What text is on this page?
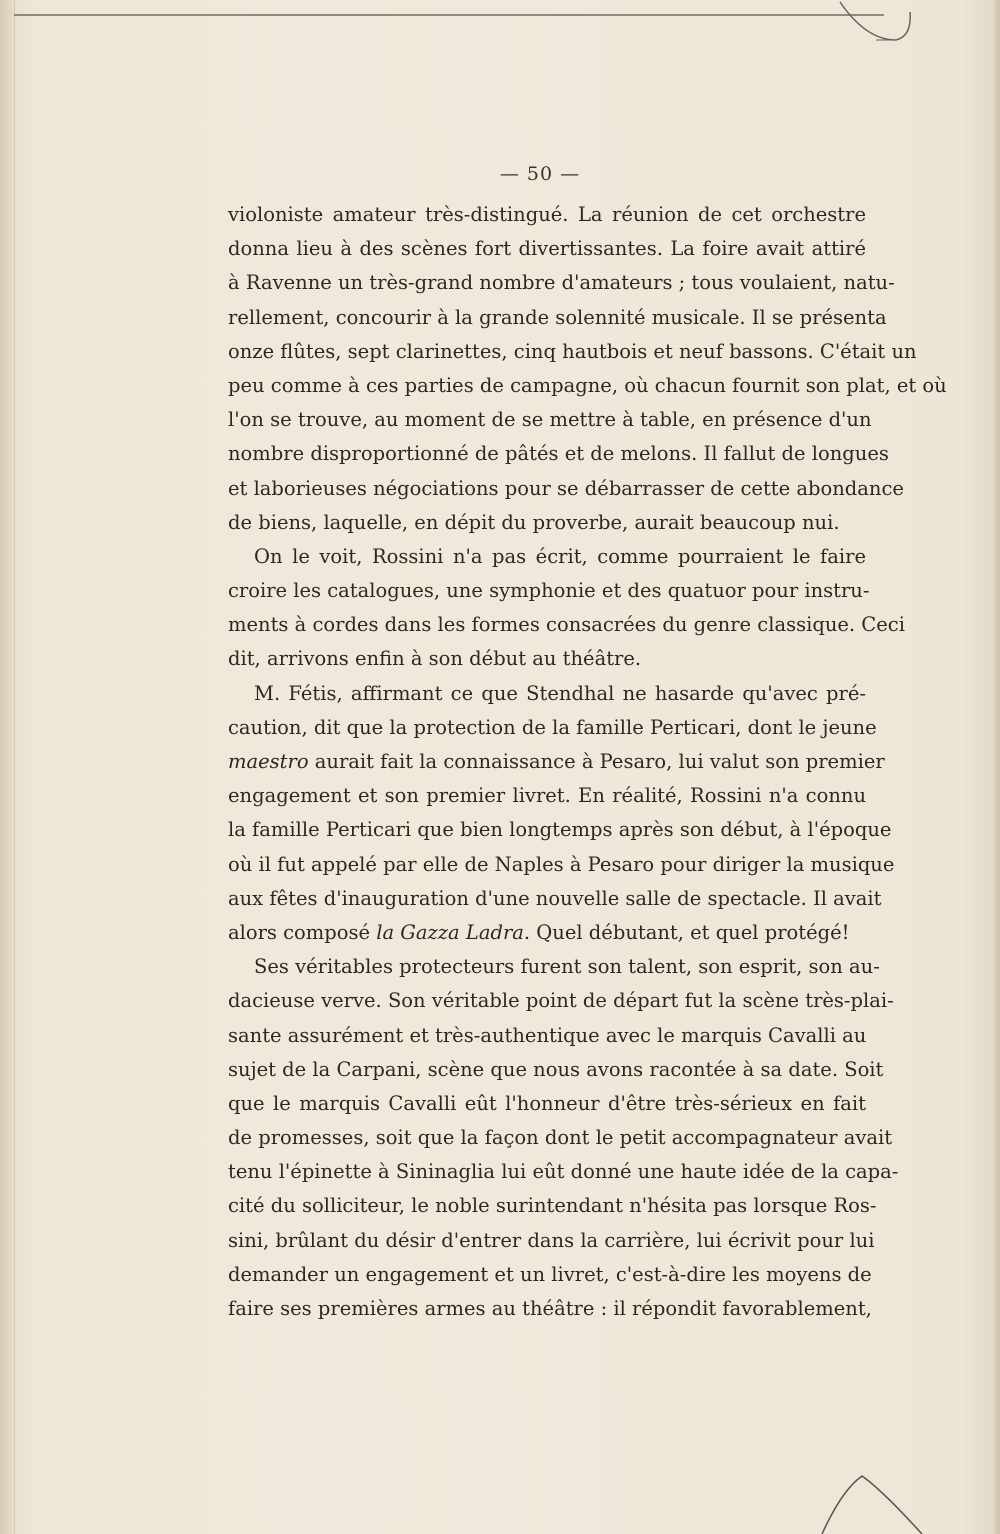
— 50 —
violoniste amateur très-distingué. La réunion de cet orchestre
donna lieu à des scènes fort divertissantes. La foire avait attiré
à Ravenne un très-grand nombre d'amateurs ; tous voulaient, natu-
rellement, concourir à la grande solennité musicale. Il se présenta
onze flûtes, sept clarinettes, cinq hautbois et neuf bassons. C'était un
peu comme à ces parties de campagne, où chacun fournit son plat, et où
l'on se trouve, au moment de se mettre à table, en présence d'un
nombre disproportionné de pâtés et de melons. Il fallut de longues
et laborieuses négociations pour se débarrasser de cette abondance
de biens, laquelle, en dépit du proverbe, aurait beaucoup nui.
On le voit, Rossini n'a pas écrit, comme pourraient le faire
croire les catalogues, une symphonie et des quatuor pour instru-
ments à cordes dans les formes consacrées du genre classique. Ceci
dit, arrivons enfin à son début au théâtre.
M. Fétis, affirmant ce que Stendhal ne hasarde qu'avec pré-
caution, dit que la protection de la famille Perticari, dont le jeune
maestro aurait fait la connaissance à Pesaro, lui valut son premier
engagement et son premier livret. En réalité, Rossini n'a connu
la famille Perticari que bien longtemps après son début, à l'époque
où il fut appelé par elle de Naples à Pesaro pour diriger la musique
aux fêtes d'inauguration d'une nouvelle salle de spectacle. Il avait
alors composé la Gazza Ladra. Quel débutant, et quel protégé!
Ses véritables protecteurs furent son talent, son esprit, son au-
dacieuse verve. Son véritable point de départ fut la scène très-plai-
sante assurément et très-authentique avec le marquis Cavalli au
sujet de la Carpani, scène que nous avons racontée à sa date. Soit
que le marquis Cavalli eût l'honneur d'être très-sérieux en fait
de promesses, soit que la façon dont le petit accompagnateur avait
tenu l'épinette à Sininaglia lui eût donné une haute idée de la capa-
cité du solliciteur, le noble surintendant n'hésita pas lorsque Ros-
sini, brûlant du désir d'entrer dans la carrière, lui écrivit pour lui
demander un engagement et un livret, c'est-à-dire les moyens de
faire ses premières armes au théâtre : il répondit favorablement,
